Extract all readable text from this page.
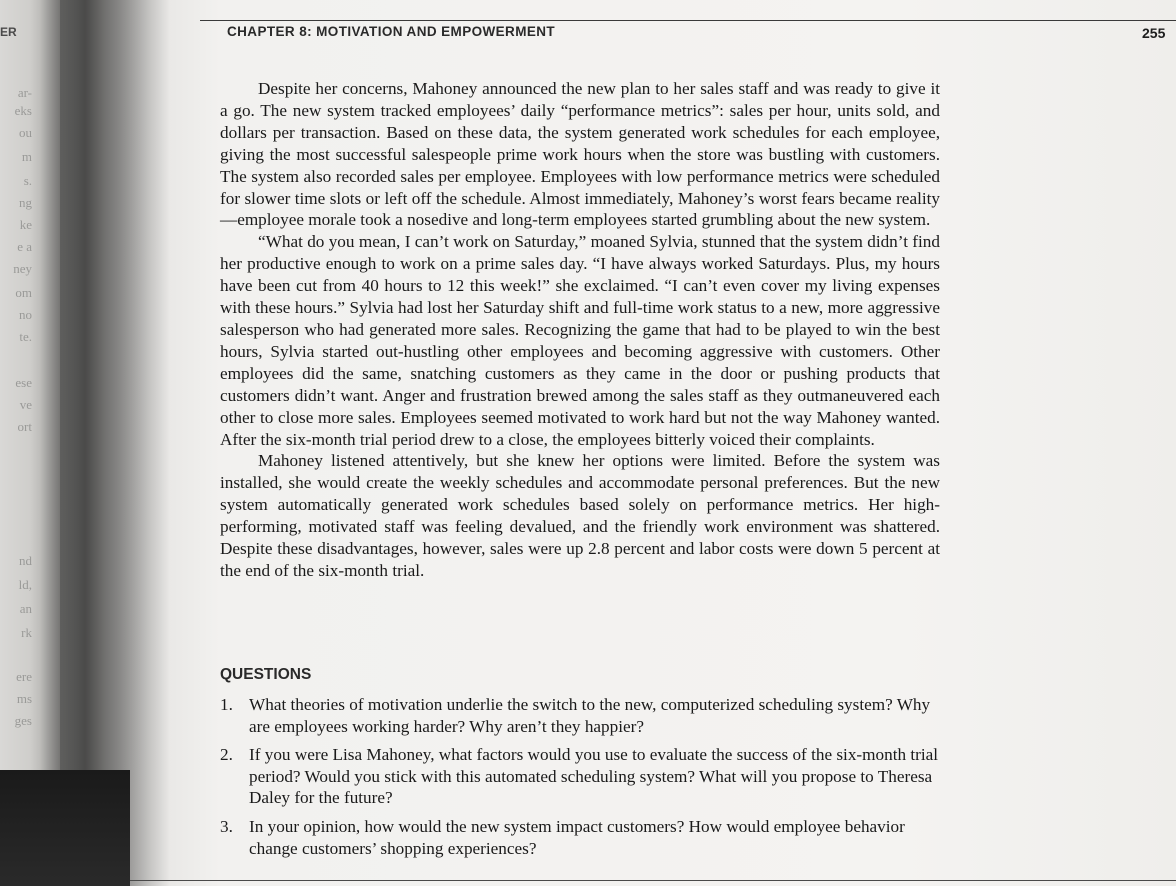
ar-
eks
ou
m
s.
ng
ke
e a
ney
om
no
te.
ese
ve
ort
nd
ld,
an
rk
ere
ms
ges
ER	CHAPTER 8: MOTIVATION AND EMPOWERMENT	255

Despite her concerns, Mahoney announced the new plan to her sales staff and was ready to give it a go. The new system tracked employees’ daily “performance metrics”: sales per hour, units sold, and dollars per transaction. Based on these data, the system generated work schedules for each employee, giving the most successful salespeople prime work hours when the store was bustling with customers. The system also recorded sales per employee. Employees with low performance metrics were scheduled for slower time slots or left off the schedule. Almost immediately, Mahoney’s worst fears became reality—employee morale took a nosedive and long-term employees started grumbling about the new system.

“What do you mean, I can’t work on Saturday,” moaned Sylvia, stunned that the system didn’t find her productive enough to work on a prime sales day. “I have always worked Saturdays. Plus, my hours have been cut from 40 hours to 12 this week!” she exclaimed. “I can’t even cover my living expenses with these hours.” Sylvia had lost her Saturday shift and full-time work status to a new, more aggressive salesperson who had generated more sales. Recognizing the game that had to be played to win the best hours, Sylvia started out-hustling other employees and becoming aggressive with customers. Other employees did the same, snatching customers as they came in the door or pushing products that customers didn’t want. Anger and frustration brewed among the sales staff as they outmaneuvered each other to close more sales. Employees seemed motivated to work hard but not the way Mahoney wanted. After the six-month trial period drew to a close, the employees bitterly voiced their complaints.

Mahoney listened attentively, but she knew her options were limited. Before the system was installed, she would create the weekly schedules and accommodate personal preferences. But the new system automatically generated work schedules based solely on performance metrics. Her high-performing, motivated staff was feeling devalued, and the friendly work environment was shattered. Despite these disadvantages, however, sales were up 2.8 percent and labor costs were down 5 percent at the end of the six-month trial.

QUESTIONS
1. What theories of motivation underlie the switch to the new, computerized scheduling system? Why are employees working harder? Why aren’t they happier?
2. If you were Lisa Mahoney, what factors would you use to evaluate the success of the six-month trial period? Would you stick with this automated scheduling system? What will you propose to Theresa Daley for the future?
3. In your opinion, how would the new system impact customers? How would employee behavior change customers’ shopping experiences?
